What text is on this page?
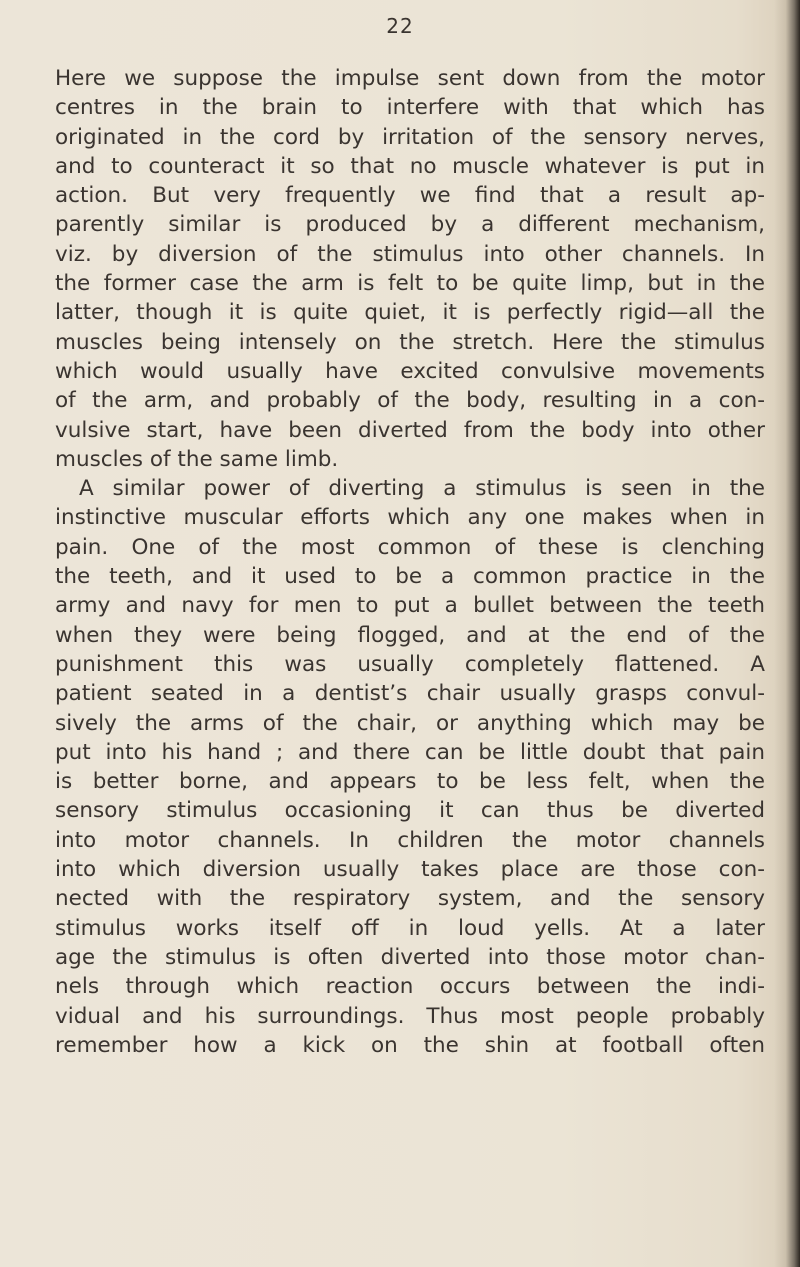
22
Here we suppose the impulse sent down from the motor
centres in the brain to interfere with that which has
originated in the cord by irritation of the sensory nerves,
and to counteract it so that no muscle whatever is put in
action. But very frequently we find that a result ap-
parently similar is produced by a different mechanism,
viz. by diversion of the stimulus into other channels. In
the former case the arm is felt to be quite limp, but in the
latter, though it is quite quiet, it is perfectly rigid—all the
muscles being intensely on the stretch. Here the stimulus
which would usually have excited convulsive movements
of the arm, and probably of the body, resulting in a con-
vulsive start, have been diverted from the body into other
muscles of the same limb.
A similar power of diverting a stimulus is seen in the
instinctive muscular efforts which any one makes when in
pain. One of the most common of these is clenching
the teeth, and it used to be a common practice in the
army and navy for men to put a bullet between the teeth
when they were being flogged, and at the end of the
punishment this was usually completely flattened. A
patient seated in a dentist’s chair usually grasps convul-
sively the arms of the chair, or anything which may be
put into his hand ; and there can be little doubt that pain
is better borne, and appears to be less felt, when the
sensory stimulus occasioning it can thus be diverted
into motor channels. In children the motor channels
into which diversion usually takes place are those con-
nected with the respiratory system, and the sensory
stimulus works itself off in loud yells. At a later
age the stimulus is often diverted into those motor chan-
nels through which reaction occurs between the indi-
vidual and his surroundings. Thus most people probably
remember how a kick on the shin at football often
